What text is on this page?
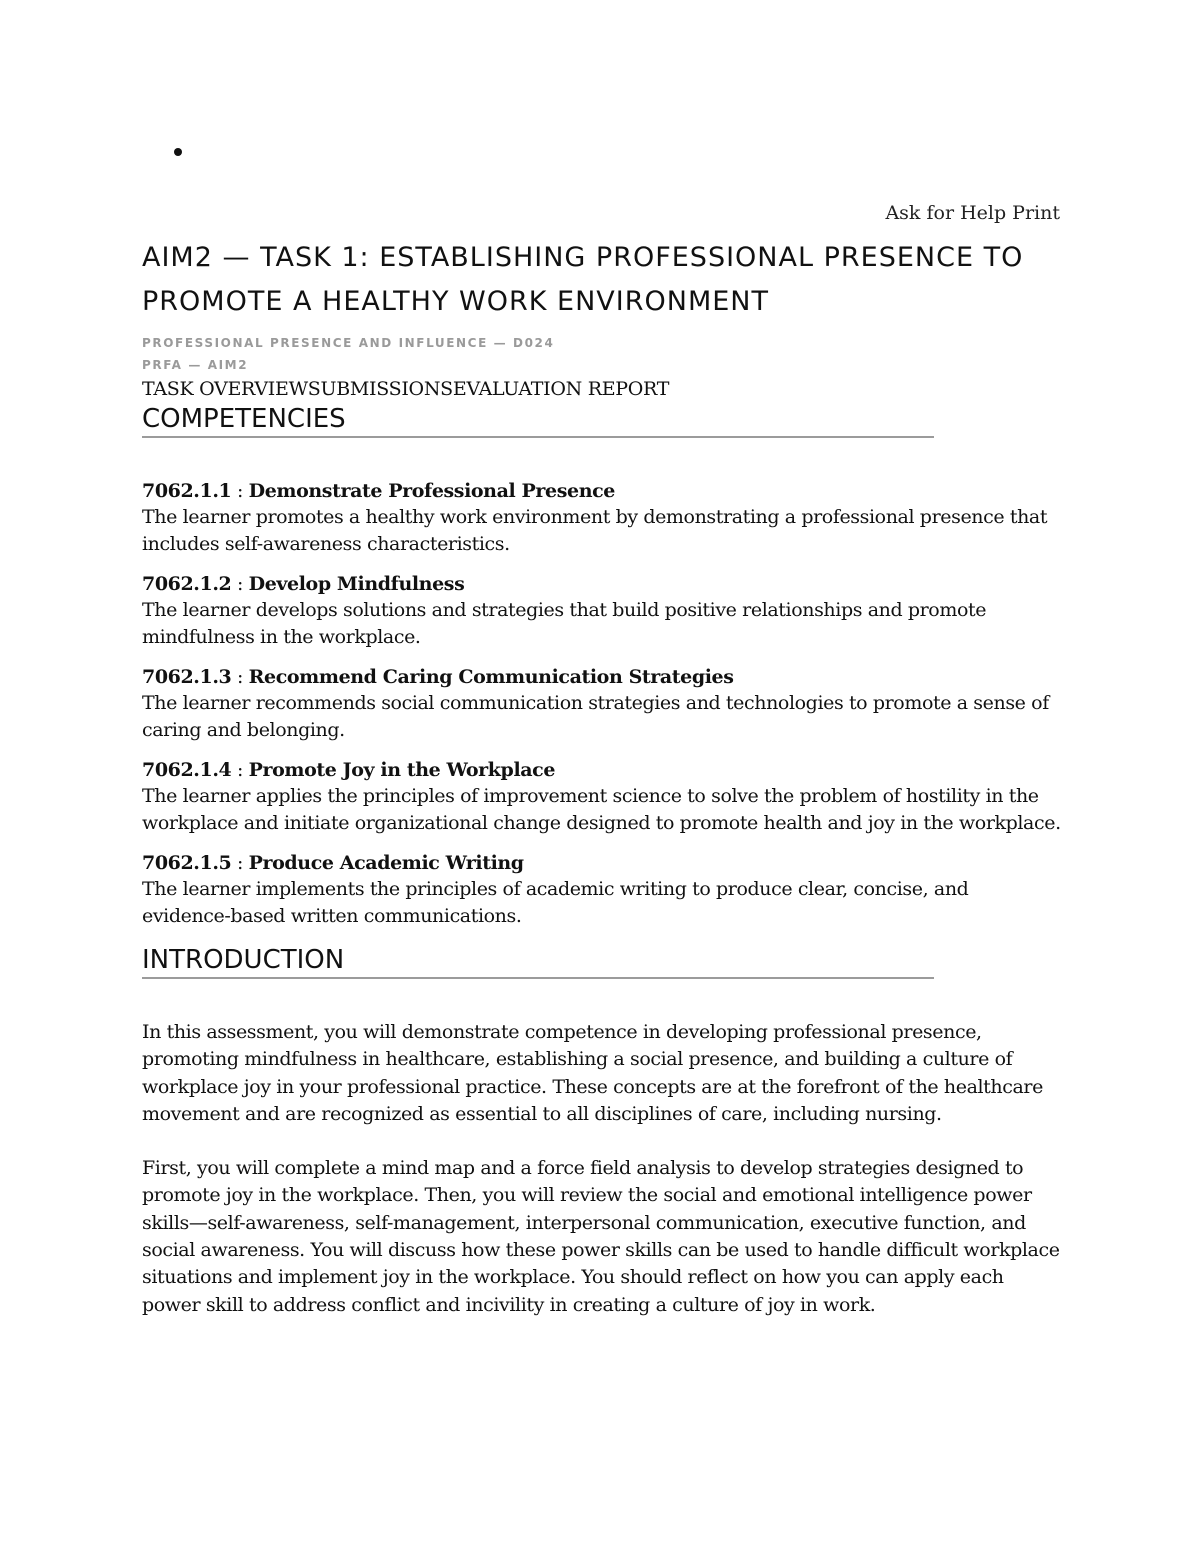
Ask for Help Print
AIM2 — TASK 1: ESTABLISHING PROFESSIONAL PRESENCE TO PROMOTE A HEALTHY WORK ENVIRONMENT
PROFESSIONAL PRESENCE AND INFLUENCE — D024
PRFA — AIM2
TASK OVERVIEWSUBMISSIONSEVALUATION REPORT
COMPETENCIES
7062.1.1 : Demonstrate Professional Presence
The learner promotes a healthy work environment by demonstrating a professional presence that includes self-awareness characteristics.
7062.1.2 : Develop Mindfulness
The learner develops solutions and strategies that build positive relationships and promote mindfulness in the workplace.
7062.1.3 : Recommend Caring Communication Strategies
The learner recommends social communication strategies and technologies to promote a sense of caring and belonging.
7062.1.4 : Promote Joy in the Workplace
The learner applies the principles of improvement science to solve the problem of hostility in the workplace and initiate organizational change designed to promote health and joy in the workplace.
7062.1.5 : Produce Academic Writing
The learner implements the principles of academic writing to produce clear, concise, and evidence-based written communications.
INTRODUCTION

In this assessment, you will demonstrate competence in developing professional presence, promoting mindfulness in healthcare, establishing a social presence, and building a culture of workplace joy in your professional practice. These concepts are at the forefront of the healthcare movement and are recognized as essential to all disciplines of care, including nursing.

First, you will complete a mind map and a force field analysis to develop strategies designed to promote joy in the workplace. Then, you will review the social and emotional intelligence power skills—self-awareness, self-management, interpersonal communication, executive function, and social awareness. You will discuss how these power skills can be used to handle difficult workplace situations and implement joy in the workplace. You should reflect on how you can apply each power skill to address conflict and incivility in creating a culture of joy in work.
